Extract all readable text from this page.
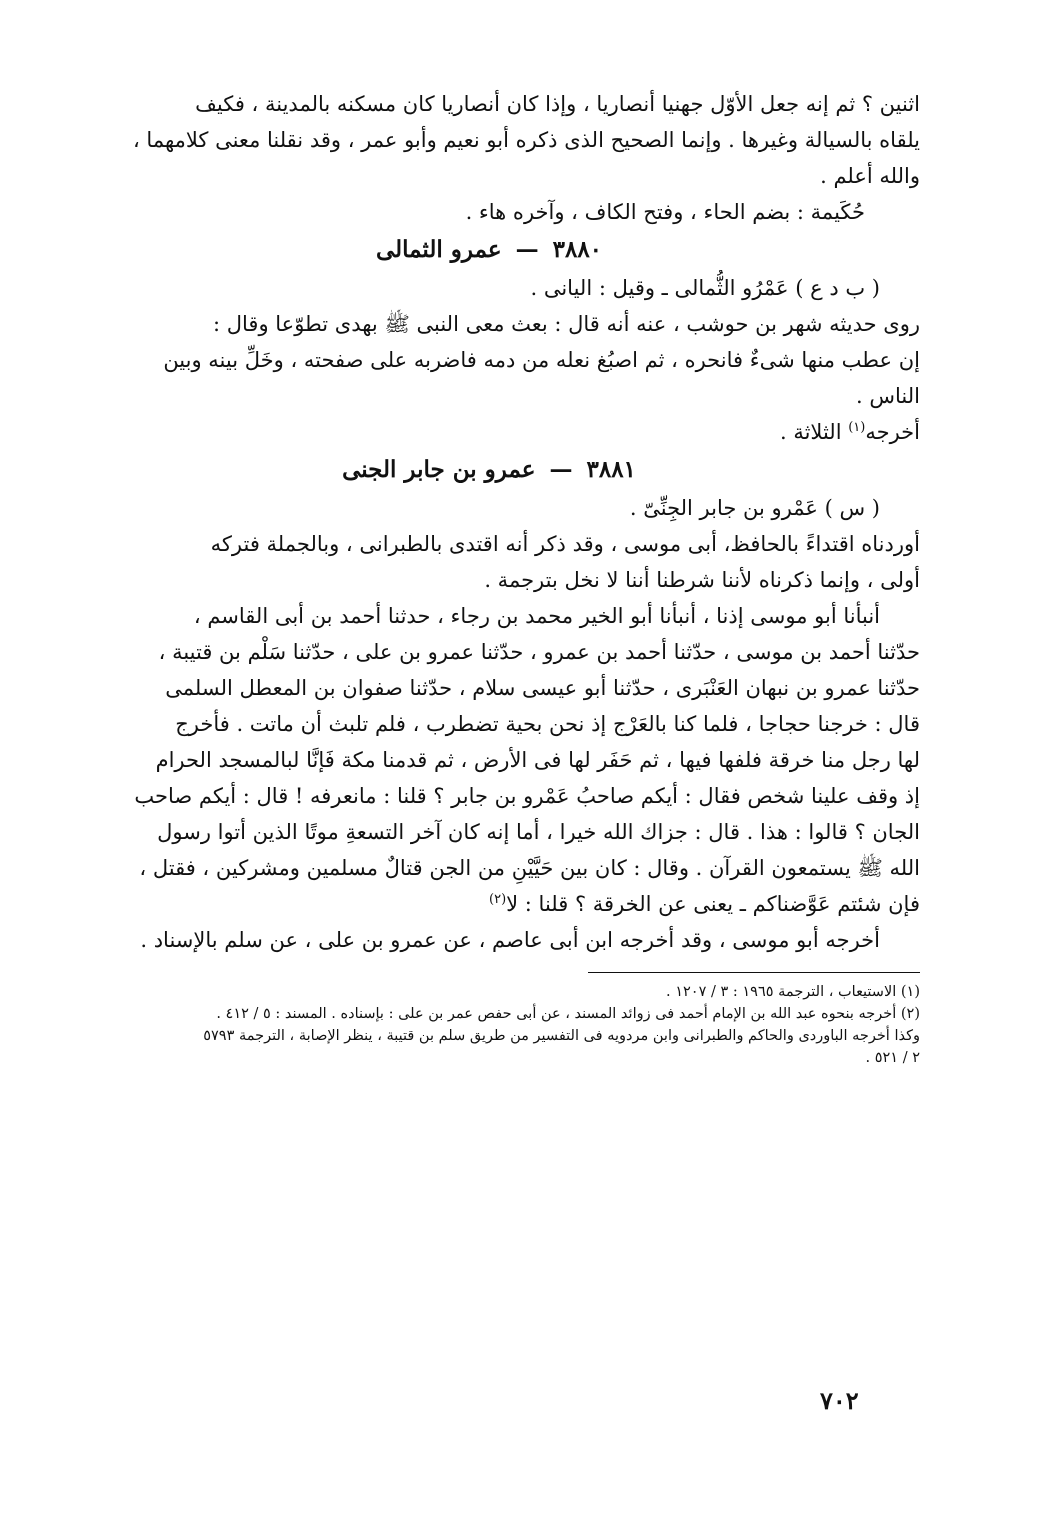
اثنين ؟ ثم إنه جعل الأوّل جهنيا أنصاريا ، وإذا كان أنصاريا كان مسكنه بالمدينة ، فكيف

يلقاه بالسيالة وغيرها . وإنما الصحيح الذى ذكره أبو نعيم وأبو عمر ، وقد نقلنا معنى كلامهما ،

والله أعلم .

حُكَيمة : بضم الحاء ، وفتح الكاف ، وآخره هاء .

٣٨٨٠—عمرو الثمالى

( ب د ع ) عَمْرُو الثُّمالى ـ وقيل : اليانى .

روى حديثه شهر بن حوشب ، عنه أنه قال : بعث معى النبى ﷺ بهدى تطوّعا وقال :

إن عطب منها شىءٌ فانحره ، ثم اصبُغ نعله من دمه فاضربه على صفحته ، وخَلِّ بينه وبين

الناس .

أخرجه$^{(١)}$ الثلاثة .

٣٨٨١—عمرو بن جابر الجنى

( س ) عَمْرو بن جابر الجِنِّىّ .

أوردناه اقتداءً بالحافظ، أبى موسى ، وقد ذكر أنه اقتدى بالطبرانى ، وبالجملة فتركه

أولى ، وإنما ذكرناه لأننا شرطنا أننا لا نخل بترجمة .

أنبأنا أبو موسى إذنا ، أنبأنا أبو الخير محمد بن رجاء ، حدثنا أحمد بن أبى القاسم ،

حدّثنا أحمد بن موسى ، حدّثنا أحمد بن عمرو ، حدّثنا عمرو بن على ، حدّثنا سَلْم بن قتيبة ،

حدّثنا عمرو بن نبهان العَنْبَرى ، حدّثنا أبو عيسى سلام ، حدّثنا صفوان بن المعطل السلمى

قال : خرجنا حجاجا ، فلما كنا بالعَرْج إذ نحن بحية تضطرب ، فلم تلبث أن ماتت . فأخرج

لها رجل منا خرقة فلفها فيها ، ثم حَفَر لها فى الأرض ، ثم قدمنا مكة فَإنَّا لبالمسجد الحرام

إذ وقف علينا شخص فقال : أيكم صاحبُ عَمْرو بن جابر ؟ قلنا : مانعرفه ! قال : أيكم صاحب

الجان ؟ قالوا : هذا . قال : جزاك الله خيرا ، أما إنه كان آخر التسعةِ موتًا الذين أتوا رسول

الله ﷺ يستمعون القرآن . وقال : كان بين حَيَّيْنِ من الجن قتالٌ مسلمين ومشركين ، فقتل ،

فإن شئتم عَوَّضناكم ـ يعنى عن الخرقة ؟ قلنا : لا$^{(٢)}$

أخرجه أبو موسى ، وقد أخرجه ابن أبى عاصم ، عن عمرو بن على ، عن سلم بالإسناد .

(١) الاستيعاب ، الترجمة ١٩٦٥ : ٣ / ١٢٠٧ .

(٢) أخرجه بنحوه عبد الله بن الإمام أحمد فى زوائد المسند ، عن أبى حفص عمر بن على : بإسناده . المسند : ٥ / ٤١٢ .

وكذا أخرجه الباوردى والحاكم والطبرانى وابن مردويه فى التفسير من طريق سلم بن قتيبة ، ينظر الإصابة ، الترجمة ٥٧٩٣

٢ / ٥٢١ .

٧٠٢
